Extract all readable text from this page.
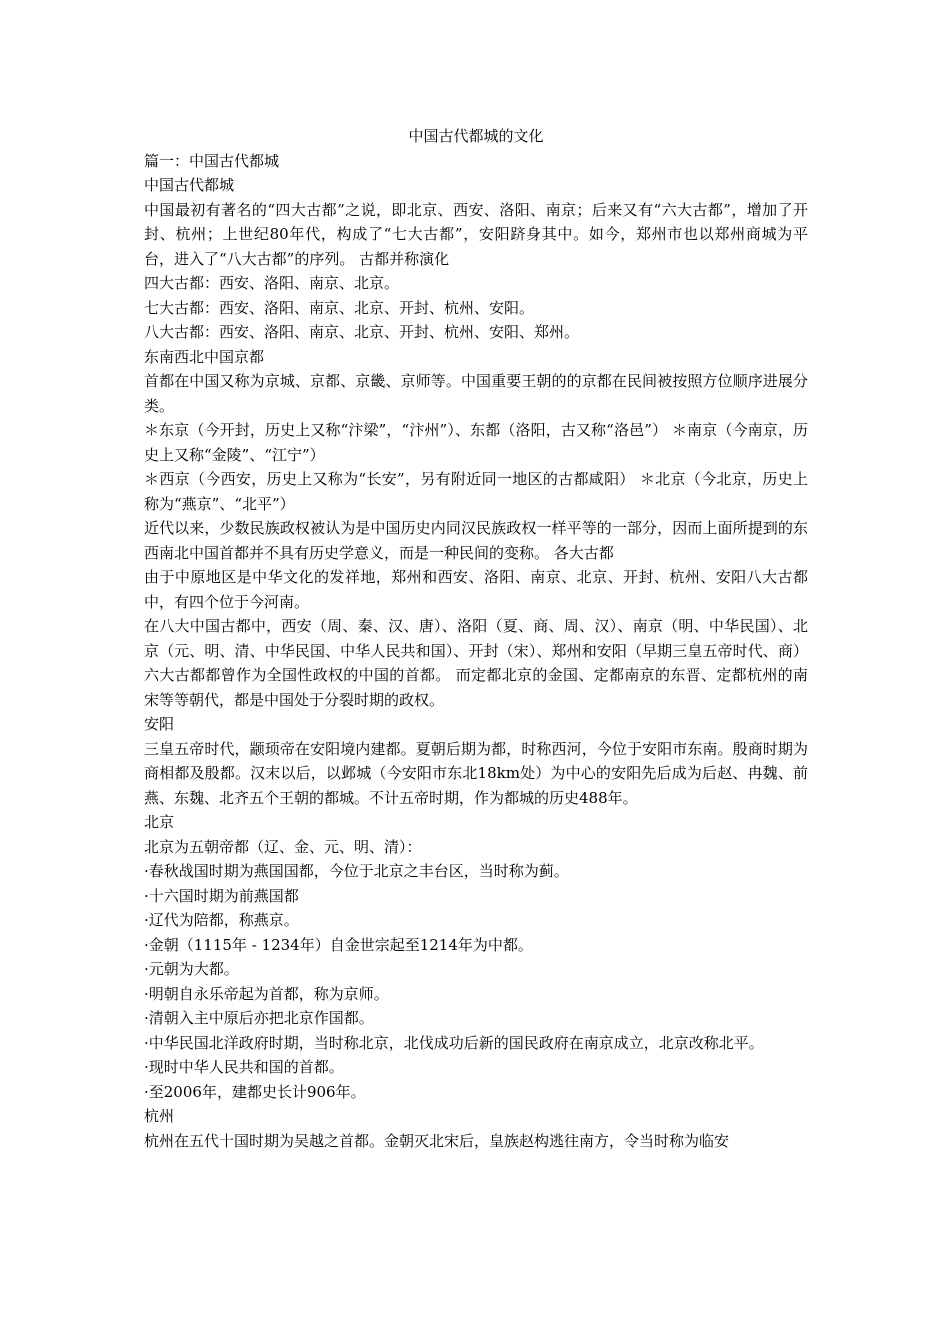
中国古代都城的文化

篇一：中国古代都城

中国古代都城

中国最初有著名的“四大古都”之说，即北京、西安、洛阳、南京；后来又有“六大古都”，增加了开封、杭州；上世纪80年代，构成了“七大古都”，安阳跻身其中。如今，郑州市也以郑州商城为平台，进入了“八大古都”的序列。 古都并称演化

四大古都：西安、洛阳、南京、北京。

七大古都：西安、洛阳、南京、北京、开封、杭州、安阳。

八大古都：西安、洛阳、南京、北京、开封、杭州、安阳、郑州。

东南西北中国京都

首都在中国又称为京城、京都、京畿、京师等。中国重要王朝的的京都在民间被按照方位顺序进展分类。

＊东京（今开封，历史上又称“汴梁”，“汴州”）、东都（洛阳，古又称“洛邑”） ＊南京（今南京，历史上又称“金陵”、“江宁”）

＊西京（今西安，历史上又称为“长安”，另有附近同一地区的古都咸阳） ＊北京（今北京，历史上称为“燕京”、“北平”）

近代以来，少数民族政权被认为是中国历史内同汉民族政权一样平等的一部分，因而上面所提到的东西南北中国首都并不具有历史学意义，而是一种民间的变称。 各大古都

由于中原地区是中华文化的发祥地，郑州和西安、洛阳、南京、北京、开封、杭州、安阳八大古都中，有四个位于今河南。

在八大中国古都中，西安（周、秦、汉、唐）、洛阳（夏、商、周、汉）、南京（明、中华民国）、北京（元、明、清、中华民国、中华人民共和国）、开封（宋）、郑州和安阳（早期三皇五帝时代、商）六大古都都曾作为全国性政权的中国的首都。 而定都北京的金国、定都南京的东晋、定都杭州的南宋等等朝代，都是中国处于分裂时期的政权。

安阳

三皇五帝时代，颛顼帝在安阳境内建都。夏朝后期为都，时称西河，今位于安阳市东南。殷商时期为商相都及殷都。汉末以后，以邺城（今安阳市东北18km处）为中心的安阳先后成为后赵、冉魏、前燕、东魏、北齐五个王朝的都城。不计五帝时期，作为都城的历史488年。

北京

北京为五朝帝都（辽、金、元、明、清）：

·春秋战国时期为燕国国都，今位于北京之丰台区，当时称为蓟。

·十六国时期为前燕国都

·辽代为陪都，称燕京。

·金朝（1115年 - 1234年）自金世宗起至1214年为中都。

·元朝为大都。

·明朝自永乐帝起为首都，称为京师。

·清朝入主中原后亦把北京作国都。

·中华民国北洋政府时期，当时称北京，北伐成功后新的国民政府在南京成立，北京改称北平。

·现时中华人民共和国的首都。

·至2006年，建都史长计906年。

杭州

杭州在五代十国时期为吴越之首都。金朝灭北宋后，皇族赵构逃往南方，令当时称为临安
